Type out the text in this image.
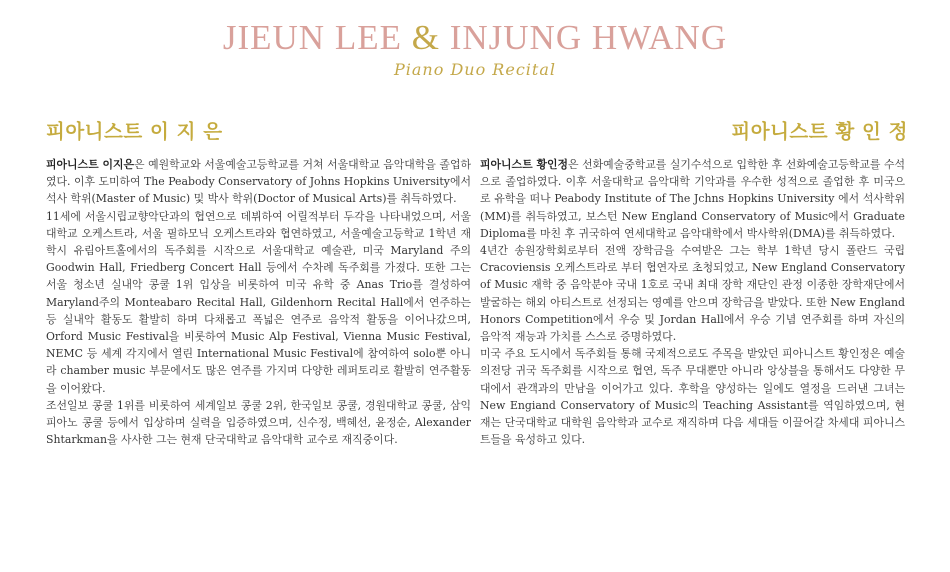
JIEUN LEE & INJUNG HWANG
Piano Duo Recital
피아니스트 이 지 은	피아니스트 황 인 정

피아니스트 이지은은 예원학교와 서울예술고등학교를 거쳐 서울대학교 음악대학을 졸업하였다. 이후 도미하여 The Peabody Conservatory of Johns Hopkins University에서 석사 학위(Master of Music) 및 박사 학위(Doctor of Musical Arts)를 취득하였다.

11세에 서울시립교향악단과의 협연으로 데뷔하여 어릴적부터 두각을 나타내었으며, 서울대학교 오케스트라, 서울 필하모닉 오케스트라와 협연하였고, 서울예술고등학교 1학년 재학시 유림아트홀에서의 독주회를 시작으로 서울대학교 예술관, 미국 Maryland 주의 Goodwin Hall, Friedberg Concert Hall 등에서 수차례 독주회를 가졌다. 또한 그는 서울 청소년 실내악 콩쿨 1위 입상을 비롯하여 미국 유학 중 Anas Trio를 결성하여 Maryland주의 Monteabaro Recital Hall, Gildenhorn Recital Hall에서 연주하는 등 실내악 활동도 활발히 하며 다채롭고 폭넓은 연주로 음악적 활동을 이어나갔으며, Orford Music Festival을 비롯하여 Music Alp Festival, Vienna Music Festival, NEMC 등 세계 각지에서 열린 International Music Festival에 참여하여 solo뿐 아니라 chamber music 부문에서도 많은 연주를 가지며 다양한 레퍼토리로 활발히 연주활동을 이어왔다.

조선일보 콩쿨 1위를 비롯하여 세계일보 콩쿨 2위, 한국일보 콩쿨, 경원대학교 콩쿨, 삼익피아노 콩쿨 등에서 입상하며 실력을 입증하였으며, 신수정, 백혜선, 윤정순, Alexander Shtarkman을 사사한 그는 현재 단국대학교 음악대학 교수로 재직중이다.

피아니스트 황인정은 선화예술중학교를 실기수석으로 입학한 후 선화예술고등학교를 수석으로 졸업하였다. 이후 서울대학교 음악대학 기악과를 우수한 성적으로 졸업한 후 미국으로 유학을 떠나 Peabody Institute of The Jchns Hopkins University 에서 석사학위(MM)를 취득하였고, 보스턴 New England Conservatory of Music에서 Graduate Diploma를 마친 후 귀국하여 연세대학교 음악대학에서 박사학위(DMA)를 취득하였다.

4년간 송원장학회로부터 전액 장학금을 수여받은 그는 학부 1학년 당시 폴란드 국립 Cracoviensis 오케스트라로 부터 협연자로 초청되었고, New England Conservatory of Music 재학 중 음악분야 국내 1호로 국내 최대 장학 재단인 관정 이종한 장학재단에서 발굴하는 해외 아티스트로 선정되는 영예를 안으며 장학금을 받았다. 또한 New England Honors Competition에서 우승 및 Jordan Hall에서 우승 기념 연주회를 하며 자신의 음악적 재능과 가치를 스스로 증명하였다.

미국 주요 도시에서 독주회들 통해 국제적으로도 주목을 받았던 피아니스트 황인정은 예술의전당 귀국 독주회를 시작으로 협연, 독주 무대뿐만 아니라 앙상블을 통해서도 다양한 무대에서 관객과의 만남을 이어가고 있다. 후학을 양성하는 일에도 열정을 드러낸 그녀는 New Engiand Conservatory of Music의 Teaching Assistant를 역임하였으며, 현재는 단국대학교 대학원 음악학과 교수로 재직하며 다음 세대들 이끌어갈 차세대 피아니스트들을 육성하고 있다.
